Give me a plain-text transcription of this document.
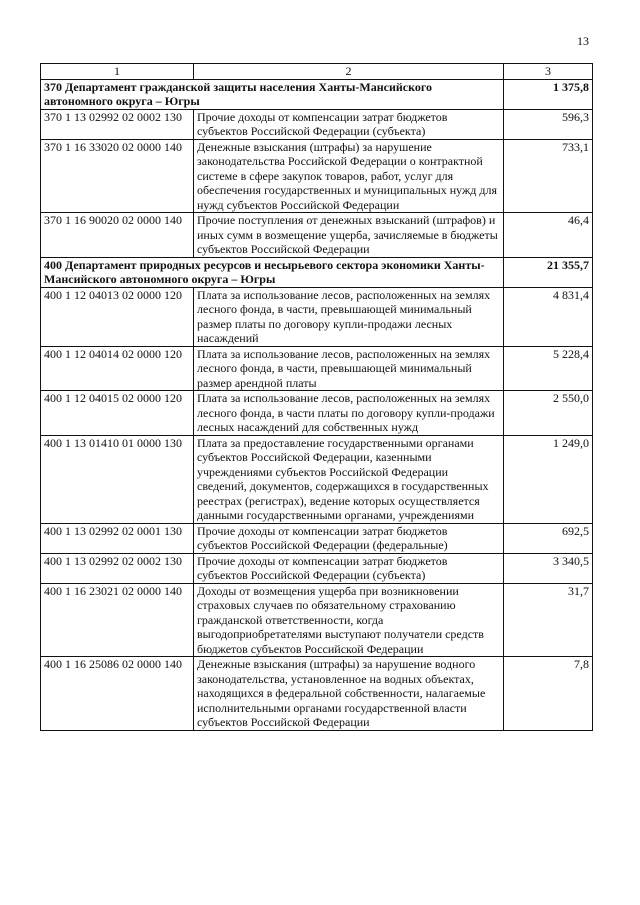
13
1	2	3
370 Департамент гражданской защиты населения Ханты-Мансийского автономного округа – Югры		1 375,8
370 1 13 02992 02 0002 130	Прочие доходы от компенсации затрат бюджетов субъектов Российской Федерации (субъекта)	596,3
370 1 16 33020 02 0000 140	Денежные взыскания (штрафы) за нарушение законодательства Российской Федерации о контрактной системе в сфере закупок товаров, работ, услуг для обеспечения государственных и муниципальных нужд для нужд субъектов Российской Федерации	733,1
370 1 16 90020 02 0000 140	Прочие поступления от денежных взысканий (штрафов) и иных сумм в возмещение ущерба, зачисляемые в бюджеты субъектов Российской Федерации	46,4
400 Департамент природных ресурсов и несырьевого сектора экономики Ханты-Мансийского автономного округа – Югры		21 355,7
400 1 12 04013 02 0000 120	Плата за использование лесов, расположенных на землях лесного фонда, в части, превышающей минимальный размер платы по договору купли-продажи лесных насаждений	4 831,4
400 1 12 04014 02 0000 120	Плата за использование лесов, расположенных на землях лесного фонда, в части, превышающей минимальный размер арендной платы	5 228,4
400 1 12 04015 02 0000 120	Плата за использование лесов, расположенных на землях лесного фонда, в части платы по договору купли-продажи лесных насаждений для собственных нужд	2 550,0
400 1 13 01410 01 0000 130	Плата за предоставление государственными органами субъектов Российской Федерации, казенными учреждениями субъектов Российской Федерации сведений, документов, содержащихся в государственных реестрах (регистрах), ведение которых осуществляется данными государственными органами, учреждениями	1 249,0
400 1 13 02992 02 0001 130	Прочие доходы от компенсации затрат бюджетов субъектов Российской Федерации (федеральные)	692,5
400 1 13 02992 02 0002 130	Прочие доходы от компенсации затрат бюджетов субъектов Российской Федерации (субъекта)	3 340,5
400 1 16 23021 02 0000 140	Доходы от возмещения ущерба при возникновении страховых случаев по обязательному страхованию гражданской ответственности, когда выгодоприобретателями выступают получатели средств бюджетов субъектов Российской Федерации	31,7
400 1 16 25086 02 0000 140	Денежные взыскания (штрафы) за нарушение водного законодательства, установленное на водных объектах, находящихся в федеральной собственности, налагаемые исполнительными органами государственной власти субъектов Российской Федерации	7,8
